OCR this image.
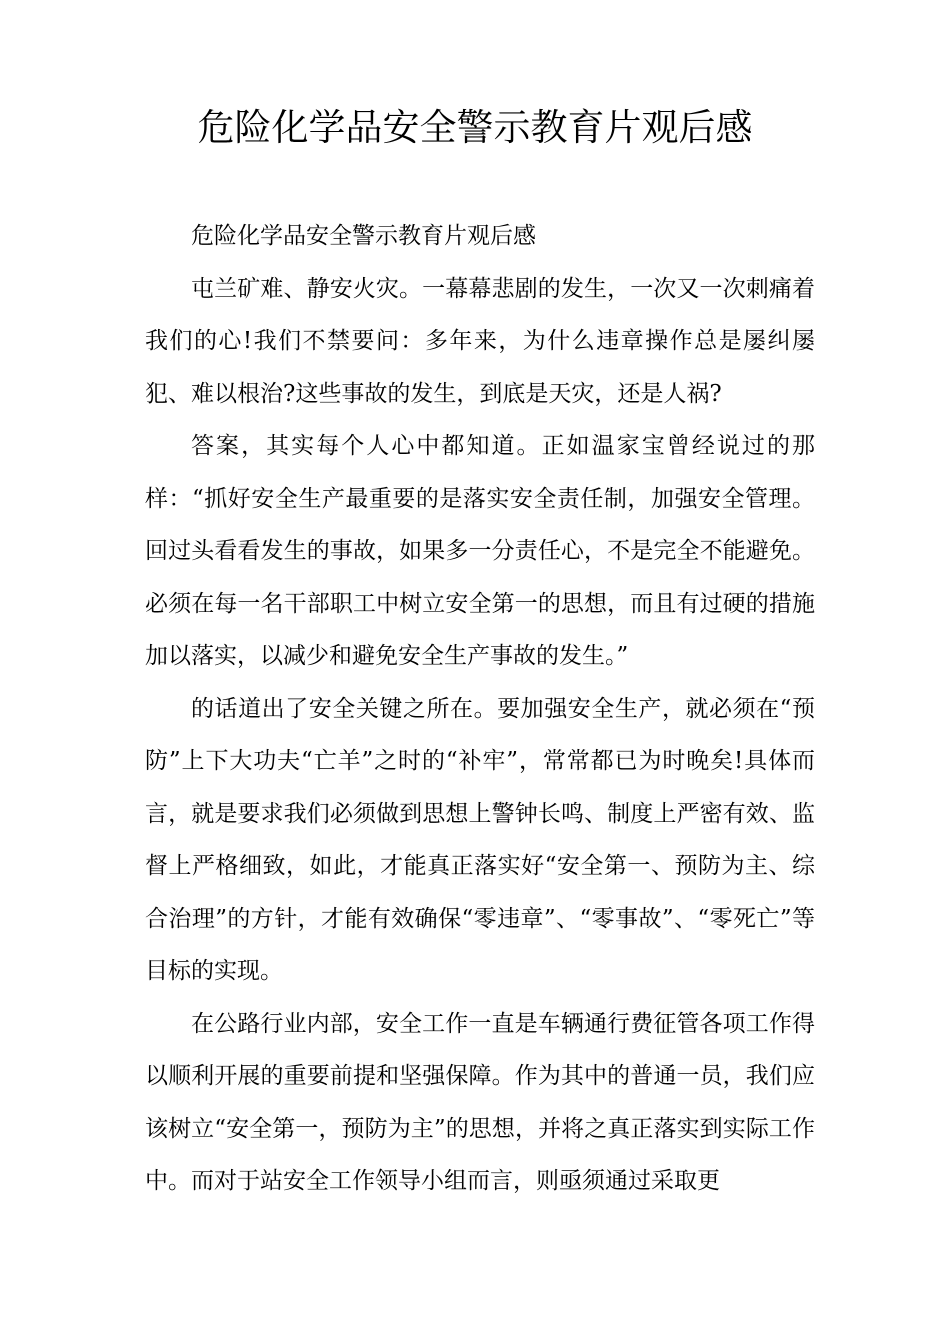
危险化学品安全警示教育片观后感

危险化学品安全警示教育片观后感

屯兰矿难、静安火灾。一幕幕悲剧的发生，一次又一次刺痛着我们的心!我们不禁要问：多年来，为什么违章操作总是屡纠屡犯、难以根治?这些事故的发生，到底是天灾，还是人祸?

答案，其实每个人心中都知道。正如温家宝曾经说过的那样：“抓好安全生产最重要的是落实安全责任制，加强安全管理。回过头看看发生的事故，如果多一分责任心，不是完全不能避免。必须在每一名干部职工中树立安全第一的思想，而且有过硬的措施加以落实，以减少和避免安全生产事故的发生。”

的话道出了安全关键之所在。要加强安全生产，就必须在“预防”上下大功夫“亡羊”之时的“补牢”，常常都已为时晚矣!具体而言，就是要求我们必须做到思想上警钟长鸣、制度上严密有效、监督上严格细致，如此，才能真正落实好“安全第一、预防为主、综合治理”的方针，才能有效确保“零违章”、“零事故”、“零死亡”等目标的实现。

在公路行业内部，安全工作一直是车辆通行费征管各项工作得以顺利开展的重要前提和坚强保障。作为其中的普通一员，我们应该树立“安全第一，预防为主”的思想，并将之真正落实到实际工作中。而对于站安全工作领导小组而言，则亟须通过采取更
